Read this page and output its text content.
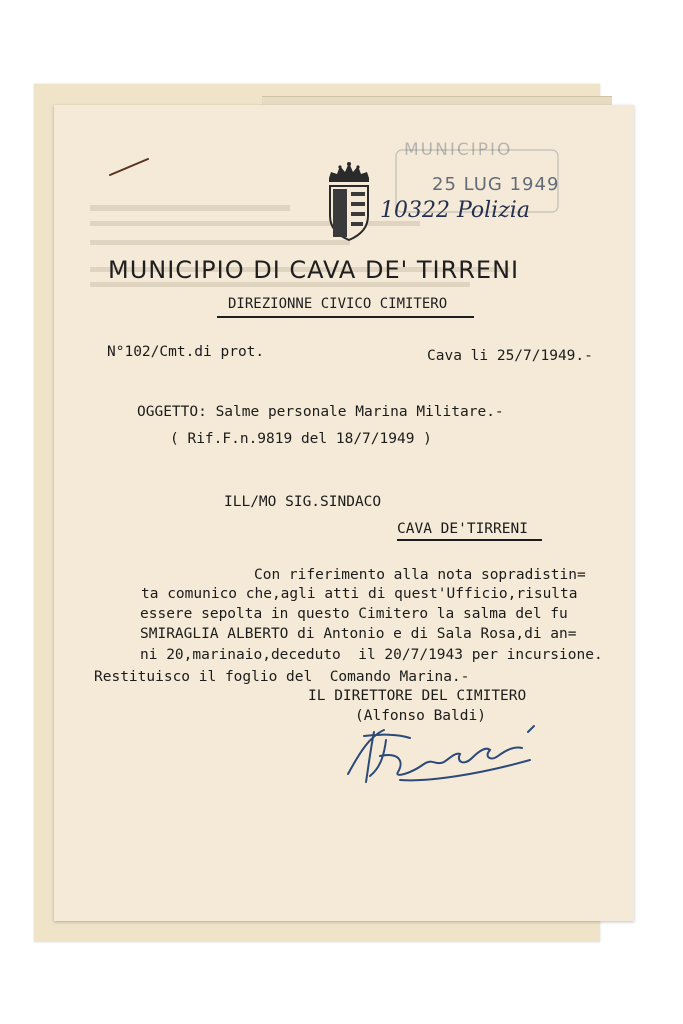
MUNICIPIO
25 LUG 1949
10322 Polizia
MUNICIPIO DI CAVA DE' TIRRENI
DIREZIONNE CIVICO CIMITERO
N°102/Cmt.di prot.	Cava li 25/7/1949.-
OGGETTO: Salme personale Marina Militare.-
( Rif.F.n.9819 del 18/7/1949 )
ILL/MO SIG.SINDACO
CAVA DE'TIRRENI
Con riferimento alla nota sopradistin=
ta comunico che,agli atti di quest'Ufficio,risulta
essere sepolta in questo Cimitero la salma del fu
SMIRAGLIA ALBERTO di Antonio e di Sala Rosa,di an=
ni 20,marinaio,deceduto  il 20/7/1943 per incursione.
Restituisco il foglio del  Comando Marina.-
IL DIRETTORE DEL CIMITERO
(Alfonso Baldi)
